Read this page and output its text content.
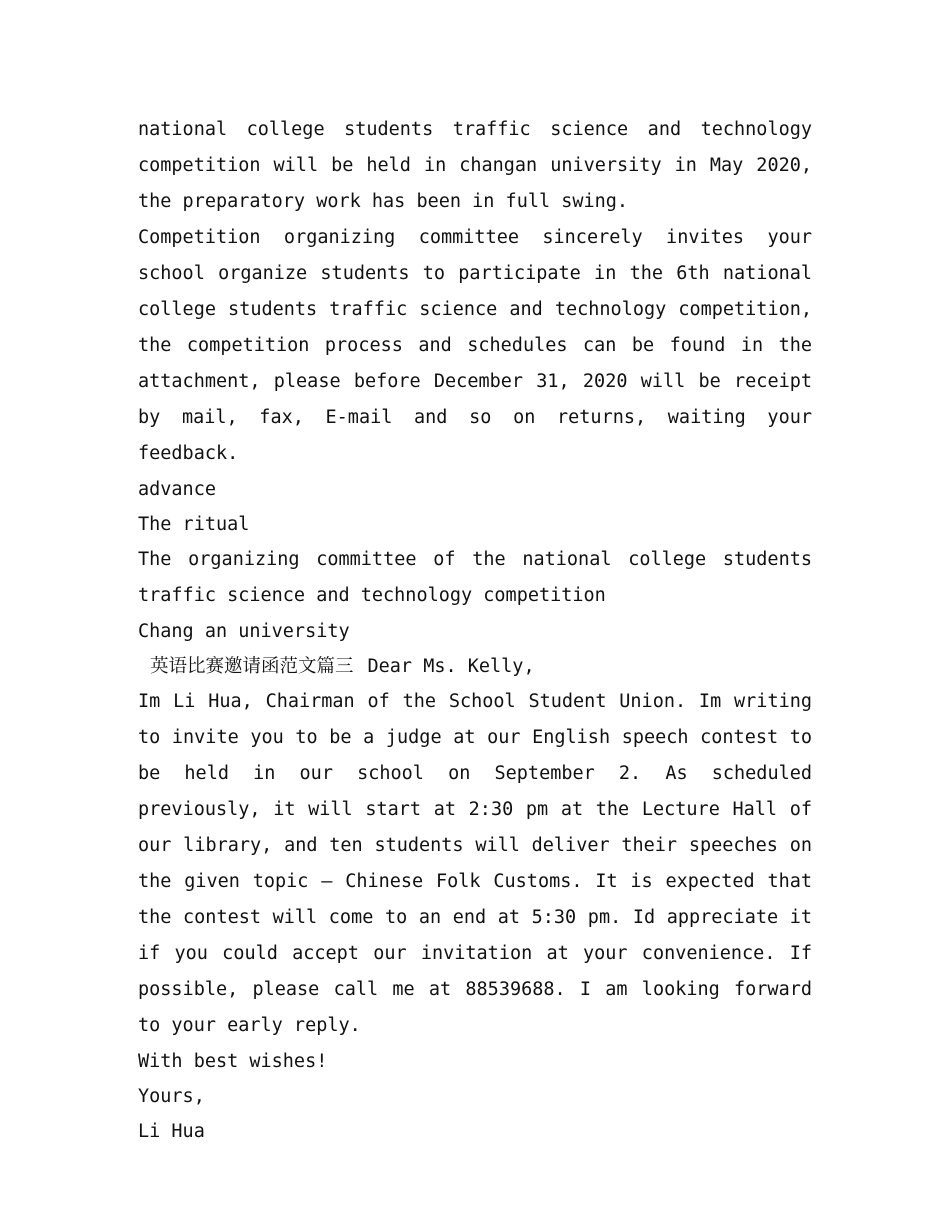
national college students traffic science and technology competition will be held in changan university in May 2020, the preparatory work has been in full swing.

Competition organizing committee sincerely invites your school organize students to participate in the 6th national college students traffic science and technology competition, the competition process and schedules can be found in the attachment, please before December 31, 2020 will be receipt by mail, fax, E-mail and so on returns, waiting your feedback.

advance

The ritual

The organizing committee of the national college students traffic science and technology competition

Chang an university

英语比赛邀请函范文篇三 Dear Ms. Kelly,

Im Li Hua, Chairman of the School Student Union. Im writing to invite you to be a judge at our English speech contest to be held in our school on September 2. As scheduled previously, it will start at 2:30 pm at the Lecture Hall of our library, and ten students will deliver their speeches on the given topic — Chinese Folk Customs. It is expected that the contest will come to an end at 5:30 pm. Id appreciate it if you could accept our invitation at your convenience. If possible, please call me at 88539688. I am looking forward to your early reply.

With best wishes!

Yours,

Li Hua
